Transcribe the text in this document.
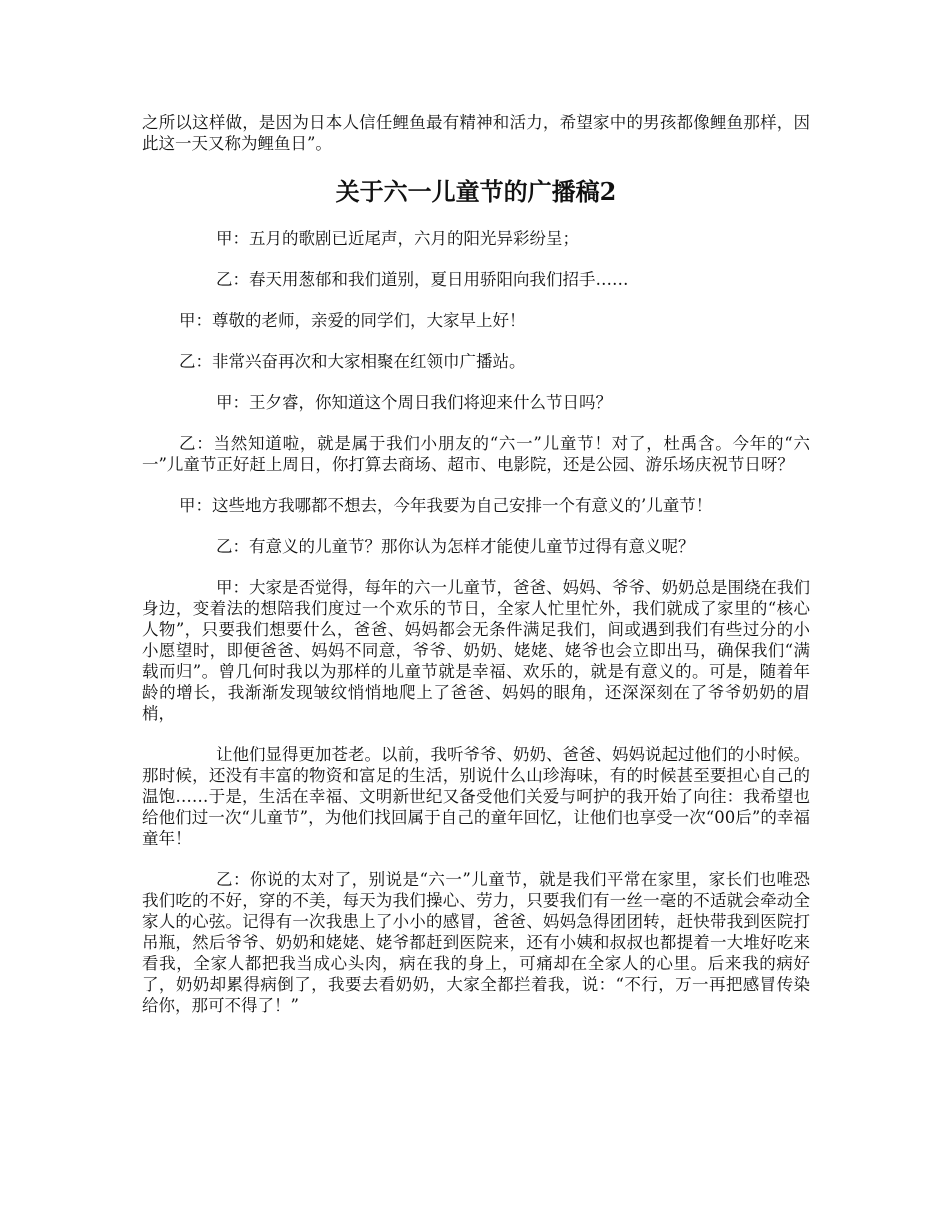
之所以这样做，是因为日本人信任鲤鱼最有精神和活力，希望家中的男孩都像鲤鱼那样，因此这一天又称为鲤鱼日”。

关于六一儿童节的广播稿2

甲：五月的歌剧已近尾声，六月的阳光异彩纷呈；

乙：春天用葱郁和我们道别，夏日用骄阳向我们招手……

甲：尊敬的老师，亲爱的同学们，大家早上好！

乙：非常兴奋再次和大家相聚在红领巾广播站。

甲：王夕睿，你知道这个周日我们将迎来什么节日吗？

乙：当然知道啦，就是属于我们小朋友的“六一”儿童节！对了，杜禹含。今年的“六一”儿童节正好赶上周日，你打算去商场、超市、电影院，还是公园、游乐场庆祝节日呀？

甲：这些地方我哪都不想去，今年我要为自己安排一个有意义的’儿童节！

乙：有意义的儿童节？那你认为怎样才能使儿童节过得有意义呢？

甲：大家是否觉得，每年的六一儿童节，爸爸、妈妈、爷爷、奶奶总是围绕在我们身边，变着法的想陪我们度过一个欢乐的节日，全家人忙里忙外，我们就成了家里的“核心人物”，只要我们想要什么，爸爸、妈妈都会无条件满足我们，间或遇到我们有些过分的小小愿望时，即便爸爸、妈妈不同意，爷爷、奶奶、姥姥、姥爷也会立即出马，确保我们“满载而归”。曾几何时我以为那样的儿童节就是幸福、欢乐的，就是有意义的。可是，随着年龄的增长，我渐渐发现皱纹悄悄地爬上了爸爸、妈妈的眼角，还深深刻在了爷爷奶奶的眉梢，

让他们显得更加苍老。以前，我听爷爷、奶奶、爸爸、妈妈说起过他们的小时候。那时候，还没有丰富的物资和富足的生活，别说什么山珍海味，有的时候甚至要担心自己的温饱……于是，生活在幸福、文明新世纪又备受他们关爱与呵护的我开始了向往：我希望也给他们过一次“儿童节”，为他们找回属于自己的童年回忆，让他们也享受一次“00后”的幸福童年！

乙：你说的太对了，别说是“六一”儿童节，就是我们平常在家里，家长们也唯恐我们吃的不好，穿的不美，每天为我们操心、劳力，只要我们有一丝一毫的不适就会牵动全家人的心弦。记得有一次我患上了小小的感冒，爸爸、妈妈急得团团转，赶快带我到医院打吊瓶，然后爷爷、奶奶和姥姥、姥爷都赶到医院来，还有小姨和叔叔也都提着一大堆好吃来看我，全家人都把我当成心头肉，病在我的身上，可痛却在全家人的心里。后来我的病好了，奶奶却累得病倒了，我要去看奶奶，大家全都拦着我，说：“不行，万一再把感冒传染给你，那可不得了！”
